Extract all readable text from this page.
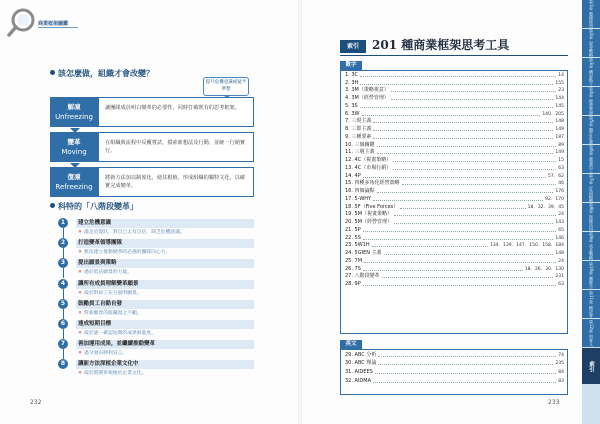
商業框架圖鑑
該怎麼做，組織才會改變？
提升危機意識或疑予夢想
解凍
Unfreezing
讓團隊成員明白變革的必要性，同時打破既有的思考框架。
變革
Moving
在組織與流程中反覆嘗試，摸索新想法及行動，並統一行銷實行。
復凍
Refreezing
將新方法加以制度化，使其根植，形成組織的獨特文化，以確實完成變革。
科特的「八階段變革」
1	建立危機意識
✕ 滿足於現狀，對自己太有自信，缺乏危機意識。
2	打造變革領導團隊
✕ 無法建立推動變革時必備的團隊向心力。
3	提出願景與策略
✕ 過於低估願景的力量。
4	讓所有成員理解變革願景
✕ 疏於對員工充分說明願景。
5	鼓勵員工自動自發
✕ 對新願景的阻礙置之不顧。
6	達成短期目標
✕ 疏於逐一確認短期的成果與進度。
7	善加運用成果，並繼續推動變革
✕ 過早發布勝利宣言。
8	讓新方法深植企業文化中
✕ 疏於將變革根植於企業文化。
232
索引	201 種商業框架思考工具
數字
1. 3C	14
2. 3H	155
3. 3M（策略視意）	23
4. 3M（經營管理）	144
5. 3S	145
6. 3W	140．205
7. 三現主義	148
8. 三即主義	149
9. 三種要素	187
10. 三個關鍵	89
11. 三層主義	149
12. 4C（視畫策略）	15
13. 4C（市場行銷）	63
14. 4P	57．62
15. 四種多角化經營策略	46
16. 四個論點	176
17. 5-WHY	92．170
18. 5F（Five Forces）	18．32．39．45
19. 5M（視畫策略）	24
20. 5M（經營管理）	143
21. 5P	65
22. 5S	146
23. 5W1H	134．139．147．150．158．184
24. 5GIEN 主義	148
25. 7M	24
26. 7S	18．26．30．130
27. 八階段變革	231
28. 9P	63
英文
29. ABC 分析	74
30. ABC 理論	235
31. AIDEES	84
32. AIDMA	83
233
第1章 整理資訊的工具
第2章 思考戰略的工具
第3章 構思點子的工具
第4章 經營管理的工具
第5章 擬訂計畫的工具
第6章 激發員工的工具
第7章 打造組織的工具
第8章 資源活用的工具
第9章 成長戰略的工具
第10章 團隊合作的工具
第11章 檢討會議的工具
第12章 培育人才的工具
索引
